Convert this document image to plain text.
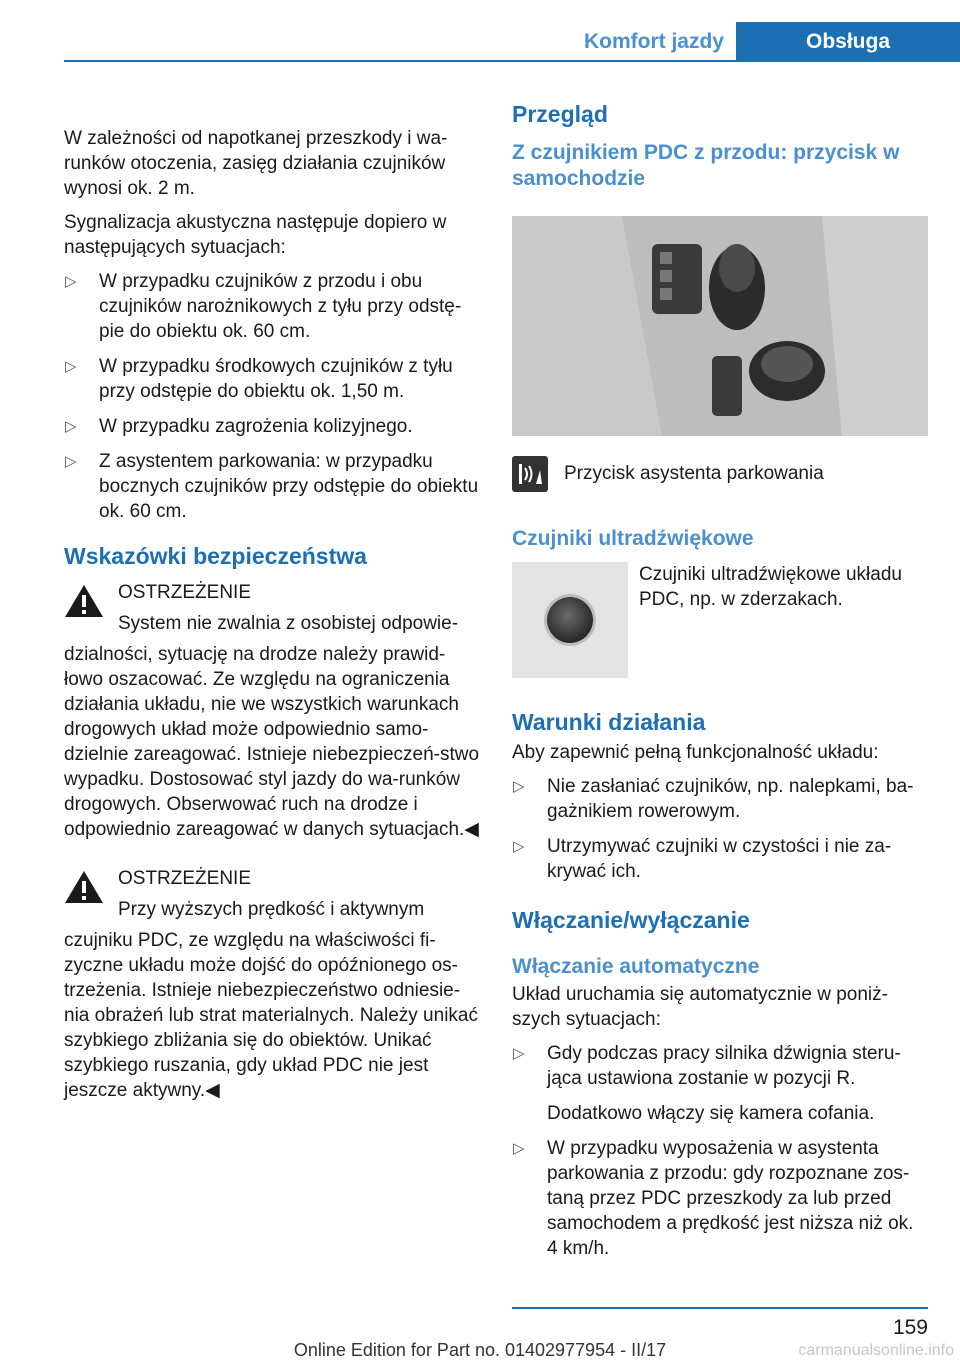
Komfort jazdy	Obsługa

W zależności od napotkanej przeszkody i wa-runków otoczenia, zasięg działania czujników wynosi ok. 2 m.

Sygnalizacja akustyczna następuje dopiero w następujących sytuacjach:

▷ W przypadku czujników z przodu i obu czujników narożnikowych z tyłu przy odstę-pie do obiektu ok. 60 cm.
▷ W przypadku środkowych czujników z tyłu przy odstępie do obiektu ok. 1,50 m.
▷ W przypadku zagrożenia kolizyjnego.
▷ Z asystentem parkowania: w przypadku bocznych czujników przy odstępie do obiektu ok. 60 cm.
Wskazówki bezpieczeństwa
OSTRZEŻENIE
System nie zwalnia z osobistej odpowie-
dzialności, sytuację na drodze należy prawid-łowo oszacować. Ze względu na ograniczenia działania układu, nie we wszystkich warunkach drogowych układ może odpowiednio samo-dzielnie zareagować. Istnieje niebezpieczeń-stwo wypadku. Dostosować styl jazdy do wa-runków drogowych. Obserwować ruch na drodze i odpowiednio zareagować w danych sytuacjach.◀
OSTRZEŻENIE
Przy wyższych prędkość i aktywnym
czujniku PDC, ze względu na właściwości fi-zyczne układu może dojść do opóźnionego os-trzeżenia. Istnieje niebezpieczeństwo odniesie-nia obrażeń lub strat materialnych. Należy unikać szybkiego zbliżania się do obiektów. Unikać szybkiego ruszania, gdy układ PDC nie jest jeszcze aktywny.◀
Przegląd
Z czujnikiem PDC z przodu: przycisk w samochodzie
Przycisk asystenta parkowania
Czujniki ultradźwiękowe
Czujniki ultradźwiękowe układu PDC, np. w zderzakach.
Warunki działania

Aby zapewnić pełną funkcjonalność układu:

▷ Nie zasłaniać czujników, np. nalepkami, ba-gażnikiem rowerowym.
▷ Utrzymywać czujniki w czystości i nie za-krywać ich.
Włączanie/wyłączanie
Włączanie automatyczne

Układ uruchamia się automatycznie w poniż-szych sytuacjach:

▷ Gdy podczas pracy silnika dźwignia steru-jąca ustawiona zostanie w pozycji R.
Dodatkowo włączy się kamera cofania.
▷ W przypadku wyposażenia w asystenta parkowania z przodu: gdy rozpoznane zos-taną przez PDC przeszkody za lub przed samochodem a prędkość jest niższa niż ok. 4 km/h.
159
Online Edition for Part no. 01402977954 - II/17	carmanualsonline.info
